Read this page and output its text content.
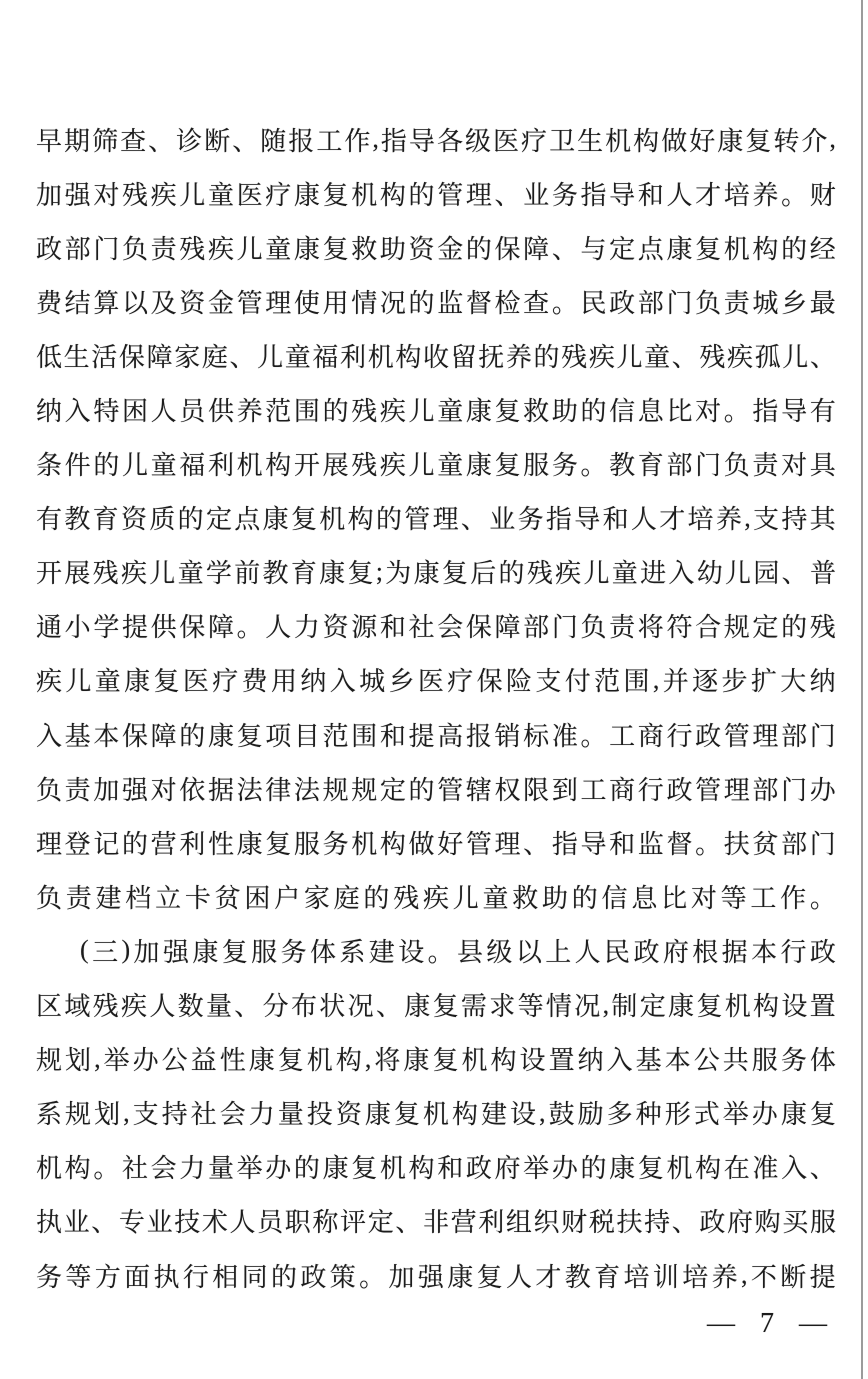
早 期 筛 查 、 诊 断 、 随 报 工 作 , 指 导 各 级 医 疗 卫 生 机 构 做 好 康 复 转 介 ,
加 强 对 残 疾 儿 童 医 疗 康 复 机 构 的 管 理 、 业 务 指 导 和 人 才 培 养 。 财
政 部 门 负 责 残 疾 儿 童 康 复 救 助 资 金 的 保 障 、 与 定 点 康 复 机 构 的 经
费 结 算 以 及 资 金 管 理 使 用 情 况 的 监 督 检 查 。 民 政 部 门 负 责 城 乡 最
低 生 活 保 障 家 庭 、 儿 童 福 利 机 构 收 留 抚 养 的 残 疾 儿 童 、 残 疾 孤 儿 、
纳 入 特 困 人 员 供 养 范 围 的 残 疾 儿 童 康 复 救 助 的 信 息 比 对 。 指 导 有
条 件 的 儿 童 福 利 机 构 开 展 残 疾 儿 童 康 复 服 务 。 教 育 部 门 负 责 对 具
有 教 育 资 质 的 定 点 康 复 机 构 的 管 理 、 业 务 指 导 和 人 才 培 养 , 支 持 其
开 展 残 疾 儿 童 学 前 教 育 康 复 ; 为 康 复 后 的 残 疾 儿 童 进 入 幼 儿 园 、 普
通 小 学 提 供 保 障 。 人 力 资 源 和 社 会 保 障 部 门 负 责 将 符 合 规 定 的 残
疾 儿 童 康 复 医 疗 费 用 纳 入 城 乡 医 疗 保 险 支 付 范 围 , 并 逐 步 扩 大 纳
入 基 本 保 障 的 康 复 项 目 范 围 和 提 高 报 销 标 准 。 工 商 行 政 管 理 部 门
负 责 加 强 对 依 据 法 律 法 规 规 定 的 管 辖 权 限 到 工 商 行 政 管 理 部 门 办
理 登 记 的 营 利 性 康 复 服 务 机 构 做 好 管 理 、 指 导 和 监 督 。 扶 贫 部 门
负 责 建 档 立 卡 贫 困 户 家 庭 的 残 疾 儿 童 救 助 的 信 息 比 对 等 工 作 。
( 三 ) 加 强 康 复 服 务 体 系 建 设 。 县 级 以 上 人 民 政 府 根 据 本 行 政
区 域 残 疾 人 数 量 、 分 布 状 况 、 康 复 需 求 等 情 况 , 制 定 康 复 机 构 设 置
规 划 , 举 办 公 益 性 康 复 机 构 , 将 康 复 机 构 设 置 纳 入 基 本 公 共 服 务 体
系 规 划 , 支 持 社 会 力 量 投 资 康 复 机 构 建 设 , 鼓 励 多 种 形 式 举 办 康 复
机 构 。 社 会 力 量 举 办 的 康 复 机 构 和 政 府 举 办 的 康 复 机 构 在 准 入 、
执 业 、 专 业 技 术 人 员 职 称 评 定 、 非 营 利 组 织 财 税 扶 持 、 政 府 购 买 服
务 等 方 面 执 行 相 同 的 政 策 。 加 强 康 复 人 才 教 育 培 训 培 养 , 不 断 提
— 7 —
